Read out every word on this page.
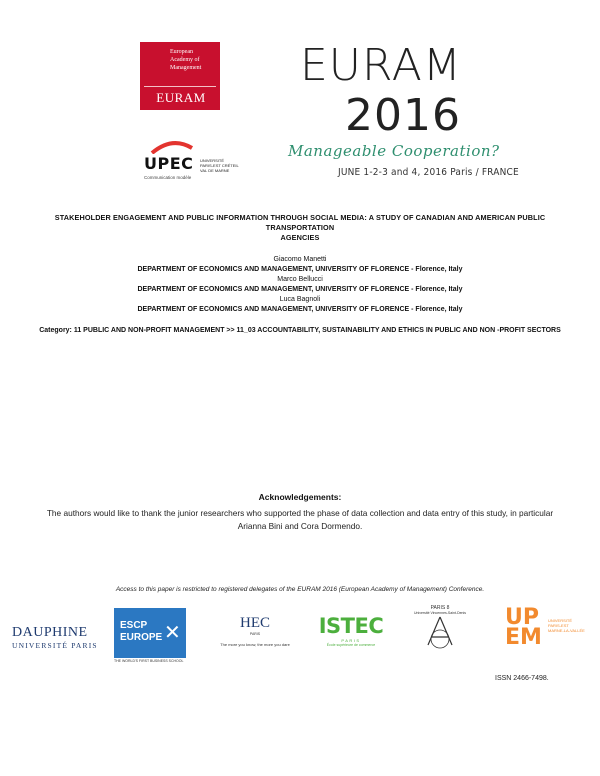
European
Academy of
Management
EURAM
EURAM
2016
Manageable Cooperation?
JUNE 1-2-3 and 4, 2016 Paris / FRANCE
UPEC UNIVERSITÉ
PARIS-EST CRÉTEIL
VAL DE MARNE
Communication modèle
STAKEHOLDER ENGAGEMENT AND PUBLIC INFORMATION THROUGH SOCIAL MEDIA: A STUDY OF CANADIAN AND AMERICAN PUBLIC TRANSPORTATION
AGENCIES
Giacomo Manetti
DEPARTMENT OF ECONOMICS AND MANAGEMENT, UNIVERSITY OF FLORENCE - Florence, Italy
Marco Bellucci
DEPARTMENT OF ECONOMICS AND MANAGEMENT, UNIVERSITY OF FLORENCE - Florence, Italy
Luca Bagnoli
DEPARTMENT OF ECONOMICS AND MANAGEMENT, UNIVERSITY OF FLORENCE - Florence, Italy
Category: 11 PUBLIC AND NON-PROFIT MANAGEMENT >> 11_03 ACCOUNTABILITY, SUSTAINABILITY AND ETHICS IN PUBLIC AND NON -PROFIT SECTORS
Acknowledgements:
The authors would like to thank the junior researchers who supported the phase of data collection and data entry of this study, in particular
Arianna Bini and Cora Dormendo.
Access to this paper is restricted to registered delegates of the EURAM 2016 (European Academy of Management) Conference.
DAUPHINE
UNIVERSITÉ PARIS
ESCP
EUROPE ✕
THE WORLD'S FIRST BUSINESS SCHOOL
HEC
PARIS
The more you know, the more you dare
ISTEC
PARIS
École supérieure de commerce
PARIS 8
Université Vincennes-Saint-Denis	UP
EM
UNIVERSITÉ
PARIS-EST
MARNE-LA-VALLÉE
ISSN 2466-7498.
